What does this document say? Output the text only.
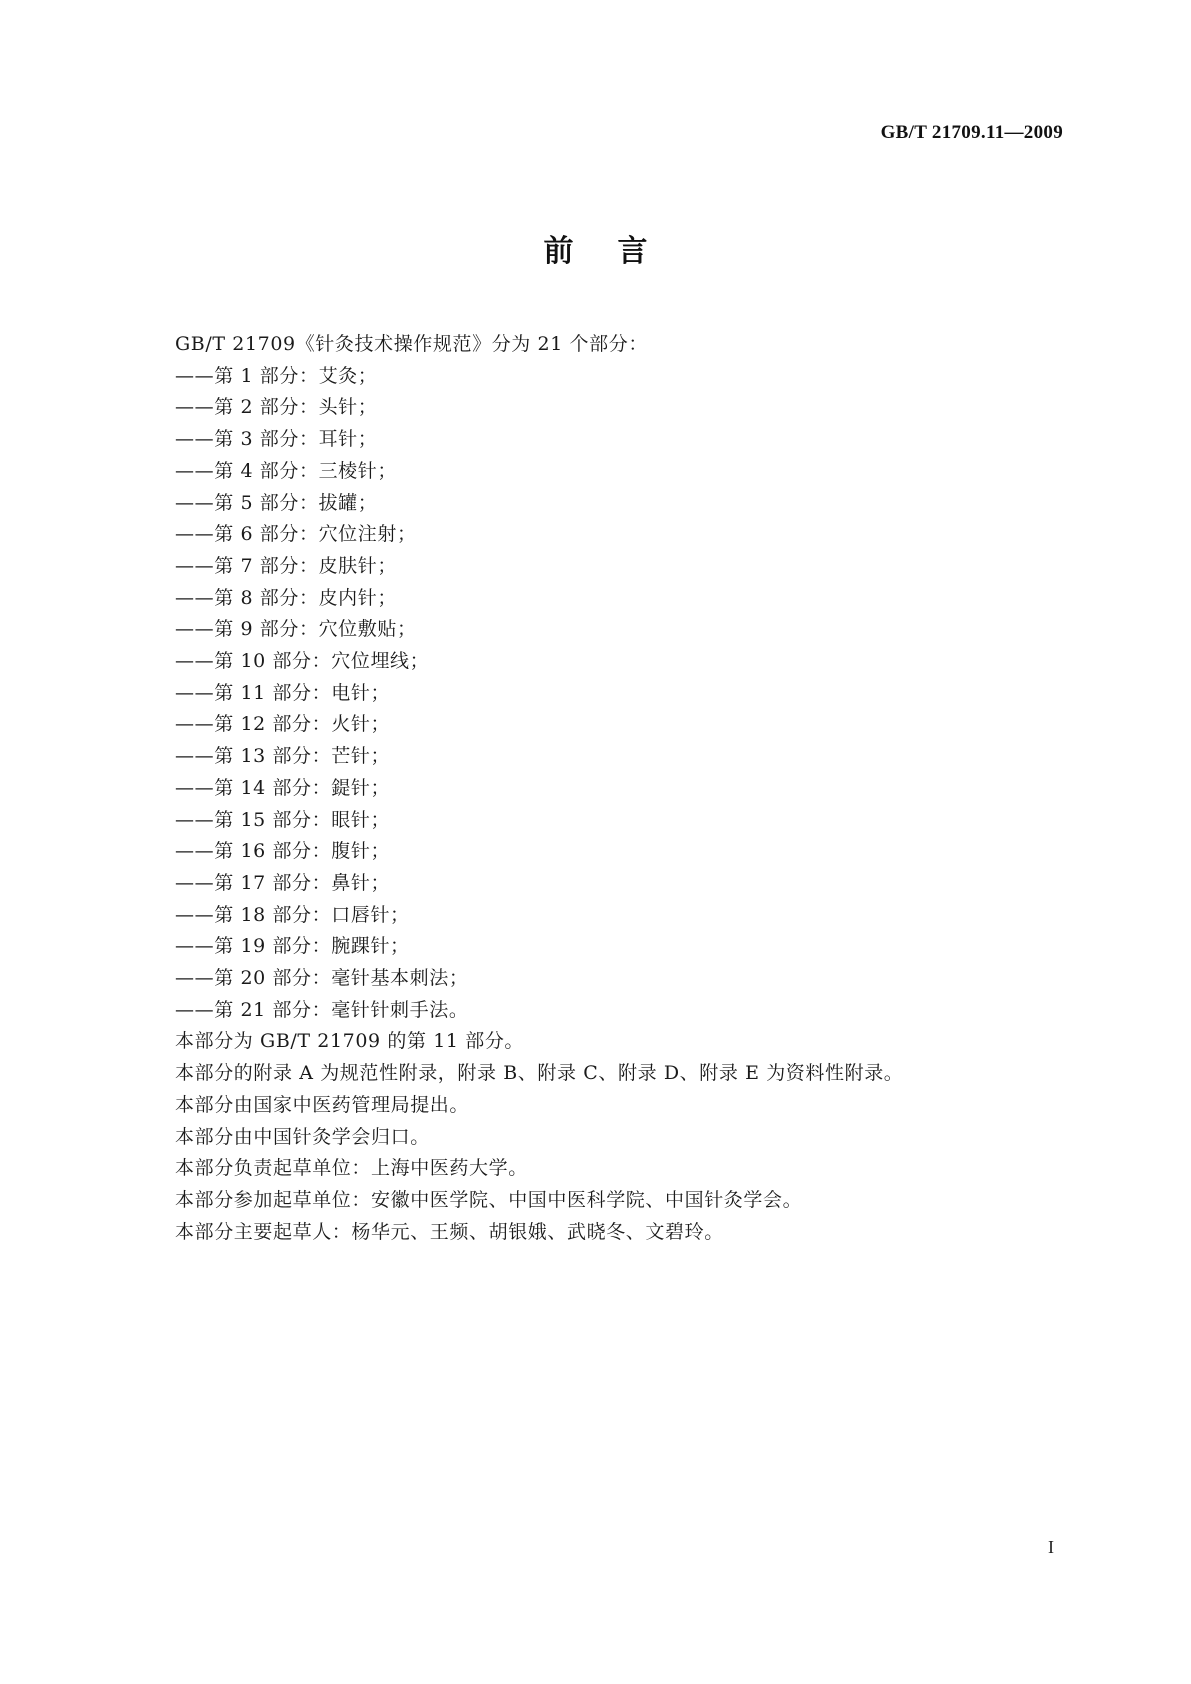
GB/T 21709.11—2009
前言

GB/T 21709《针灸技术操作规范》分为 21 个部分：

——第 1 部分：艾灸；

——第 2 部分：头针；

——第 3 部分：耳针；

——第 4 部分：三棱针；

——第 5 部分：拔罐；

——第 6 部分：穴位注射；

——第 7 部分：皮肤针；

——第 8 部分：皮内针；

——第 9 部分：穴位敷贴；

——第 10 部分：穴位埋线；

——第 11 部分：电针；

——第 12 部分：火针；

——第 13 部分：芒针；

——第 14 部分：鍉针；

——第 15 部分：眼针；

——第 16 部分：腹针；

——第 17 部分：鼻针；

——第 18 部分：口唇针；

——第 19 部分：腕踝针；

——第 20 部分：毫针基本刺法；

——第 21 部分：毫针针刺手法。

本部分为 GB/T 21709 的第 11 部分。

本部分的附录 A 为规范性附录，附录 B、附录 C、附录 D、附录 E 为资料性附录。

本部分由国家中医药管理局提出。

本部分由中国针灸学会归口。

本部分负责起草单位：上海中医药大学。

本部分参加起草单位：安徽中医学院、中国中医科学院、中国针灸学会。

本部分主要起草人：杨华元、王频、胡银娥、武晓冬、文碧玲。

I
